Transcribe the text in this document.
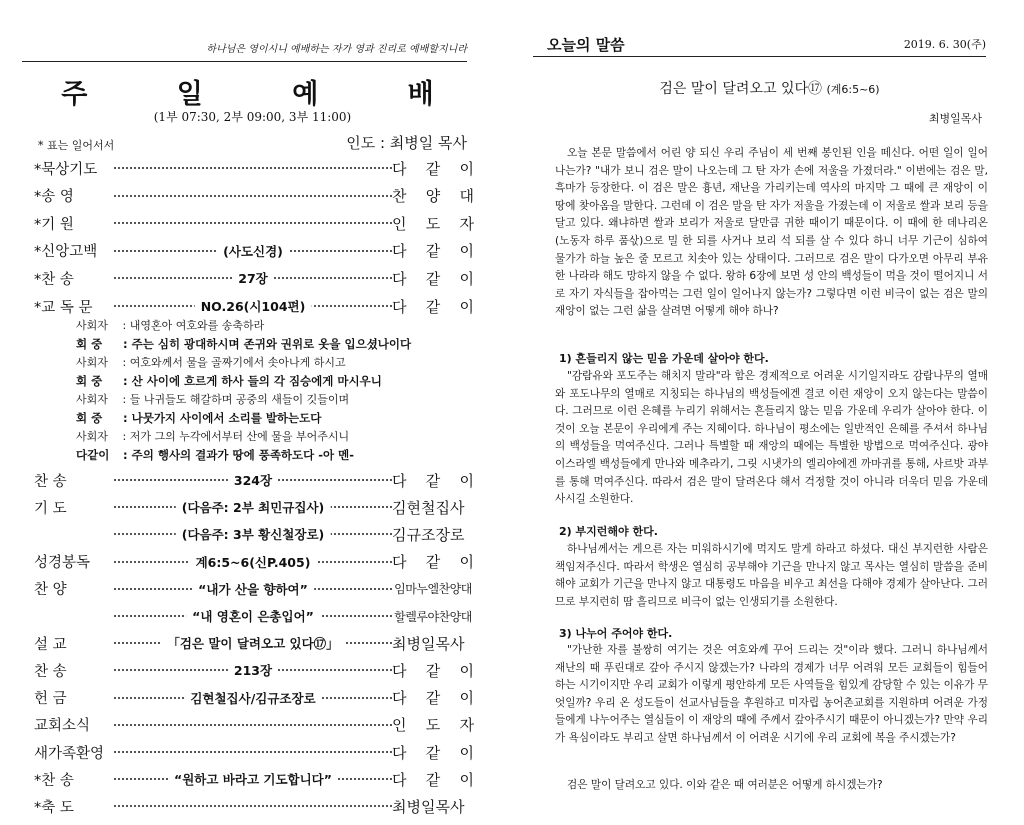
하나님은 영이시니 예배하는 자가 영과 진리로 예배할지니라
주 일 예 배
(1부 07:30, 2부 09:00, 3부 11:00)
* 표는 일어서서	인도 : 최병일 목사
*묵상기도	다 같 이
*송 영	찬 양 대
*기 원	인 도 자
*신앙고백	(사도신경)	다 같 이
*찬 송	27장	다 같 이
*교 독 문	NO.26(시104편)	다 같 이
사회자 : 내영혼아 여호와를 송축하라
회 중 : 주는 심히 광대하시며 존귀와 권위로 옷을 입으셨나이다
사회자 : 여호와께서 물을 골짜기에서 솟아나게 하시고
회 중 : 산 사이에 흐르게 하사 들의 각 짐승에게 마시우니
사회자 : 들 나귀들도 해갈하며 공중의 새들이 깃들이며
회 중 : 나뭇가지 사이에서 소리를 발하는도다
사회자 : 저가 그의 누각에서부터 산에 물을 부어주시니
다같이 : 주의 행사의 결과가 땅에 풍족하도다 -아 멘-
찬 송	324장	다 같 이
기 도	(다음주: 2부 최민규집사)	김현철집사
(다음주: 3부 황신철장로)	김규조장로
성경봉독	계6:5~6(신P.405)	다 같 이
찬 양	“내가 산을 향하여”	임마누엘찬양대
“내 영혼이 은총입어”	할렐루야찬양대
설 교	「검은 말이 달려오고 있다⑰」	최병일목사
찬 송	213장	다 같 이
헌 금	김현철집사/김규조장로	다 같 이
교회소식	인 도 자
새가족환영	다 같 이
*찬 송	“원하고 바라고 기도합니다”	다 같 이
*축 도	최병일목사
오늘의 말씀	2019. 6. 30(주)
검은 말이 달려오고 있다⑰ (계6:5~6)
최병일목사

오늘 본문 말씀에서 어린 양 되신 우리 주님이 세 번째 봉인된 인을 떼신다. 어떤 일이 일어나는가? "내가 보니 검은 말이 나오는데 그 탄 자가 손에 저울을 가졌더라." 이번에는 검은 말, 흑마가 등장한다. 이 검은 말은 흉년, 재난을 가리키는데 역사의 마지막 그 때에 큰 재앙이 이 땅에 찾아옴을 말한다. 그런데 이 검은 말을 탄 자가 저울을 가졌는데 이 저울로 쌀과 보리 등을 달고 있다. 왜냐하면 쌀과 보리가 저울로 달만큼 귀한 때이기 때문이다. 이 때에 한 데나리온(노동자 하루 품삯)으로 밀 한 되를 사거나 보리 석 되를 살 수 있다 하니 너무 기근이 심하여 물가가 하늘 높은 줄 모르고 치솟아 있는 상태이다. 그러므로 검은 말이 다가오면 아무리 부유한 나라라 해도 망하지 않을 수 없다. 왕하 6장에 보면 성 안의 백성들이 먹을 것이 떨어지니 서로 자기 자식들을 잡아먹는 그런 일이 일어나지 않는가? 그렇다면 이런 비극이 없는 검은 말의 재앙이 없는 그런 삶을 살려면 어떻게 해야 하나?

1) 흔들리지 않는 믿음 가운데 살아야 한다.

"감람유와 포도주는 해치지 말라"라 함은 경제적으로 어려운 시기일지라도 감람나무의 열매와 포도나무의 열매로 지칭되는 하나님의 백성들에겐 결코 이런 재앙이 오지 않는다는 말씀이다. 그러므로 이런 은혜를 누리기 위해서는 흔들리지 않는 믿음 가운데 우리가 살아야 한다. 이것이 오늘 본문이 우리에게 주는 지혜이다. 하나님이 평소에는 일반적인 은혜를 주셔서 하나님의 백성들을 먹여주신다. 그러나 특별할 때 재앙의 때에는 특별한 방법으로 먹여주신다. 광야 이스라엘 백성들에게 만나와 메추라기, 그릿 시냇가의 엘리야에겐 까마귀를 통해, 사르밧 과부를 통해 먹여주신다. 따라서 검은 말이 달려온다 해서 걱정할 것이 아니라 더욱더 믿음 가운데 사시길 소원한다.

2) 부지런해야 한다.

하나님께서는 게으른 자는 미워하시기에 먹지도 말게 하라고 하셨다. 대신 부지런한 사람은 책임져주신다. 따라서 학생은 열심히 공부해야 기근을 만나지 않고 목사는 열심히 말씀을 준비해야 교회가 기근을 만나지 않고 대통령도 마음을 비우고 최선을 다해야 경제가 살아난다. 그러므로 부지런히 땀 흘리므로 비극이 없는 인생되기를 소원한다.

3) 나누어 주어야 한다.

"가난한 자를 불쌍히 여기는 것은 여호와께 꾸어 드리는 것"이라 했다. 그러니 하나님께서 재난의 때 푸린대로 갚아 주시지 않겠는가? 나라의 경제가 너무 어려워 모든 교회들이 힘들어하는 시기이지만 우리 교회가 이렇게 평안하게 모든 사역들을 힘있게 감당할 수 있는 이유가 무엇일까? 우리 온 성도들이 선교사님들을 후원하고 미자립 농어촌교회를 지원하며 어려운 가정들에게 나누어주는 열심들이 이 재앙의 때에 주께서 갚아주시기 때문이 아니겠는가? 만약 우리가 욕심이라도 부리고 살면 하나님께서 이 어려운 시기에 우리 교회에 복을 주시겠는가?

검은 말이 달려오고 있다. 이와 같은 때 여러분은 어떻게 하시겠는가?
